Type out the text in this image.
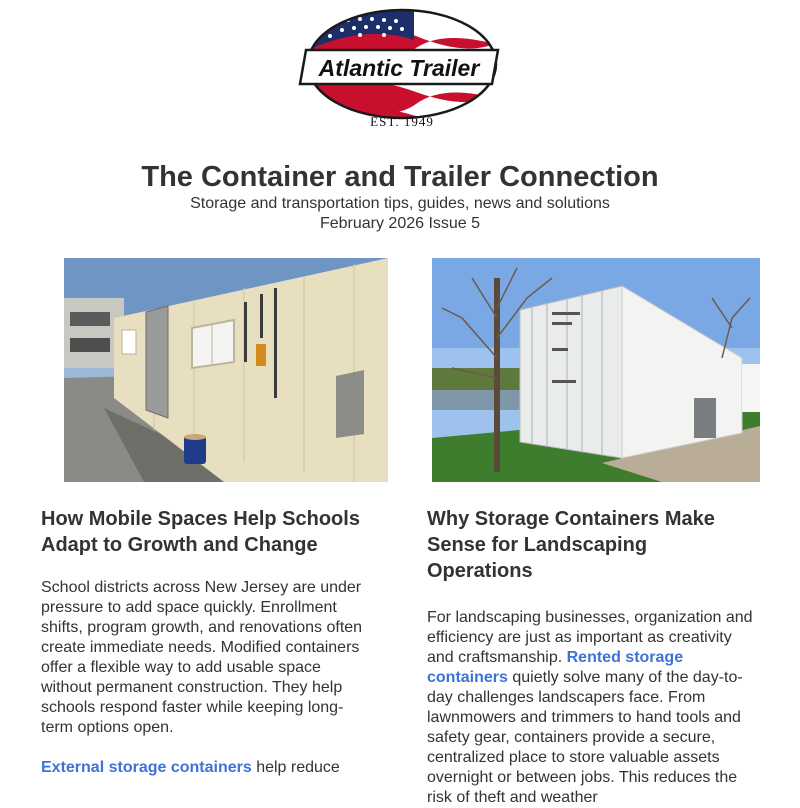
Atlantic Trailer
EST. 1949
The Container and Trailer Connection
Storage and transportation tips, guides, news and solutions
February 2026 Issue 5
How Mobile Spaces Help Schools Adapt to Growth and Change

School districts across New Jersey are under pressure to add space quickly. Enrollment shifts, program growth, and renovations often create immediate needs. Modified containers offer a flexible way to add usable space without permanent construction. They help schools respond faster while keeping long-term options open.

External storage containers help reduce

Why Storage Containers Make Sense for Landscaping Operations

For landscaping businesses, organization and efficiency are just as important as creativity and craftsmanship. Rented storage containers quietly solve many of the day-to-day challenges landscapers face. From lawnmowers and trimmers to hand tools and safety gear, containers provide a secure, centralized place to store valuable assets overnight or between jobs. This reduces the risk of theft and weather
